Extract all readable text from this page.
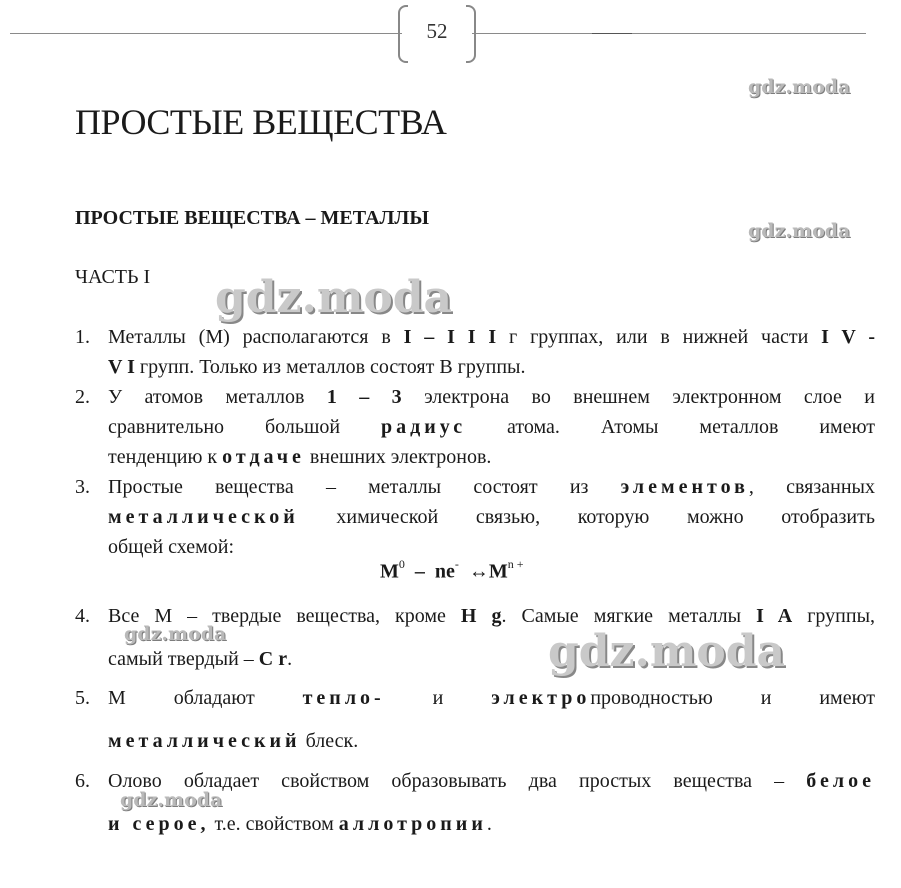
52
gdz.moda
gdz.moda
gdz.moda
gdz.moda	gdz.moda
gdz.moda
ПРОСТЫЕ ВЕЩЕСТВА
ПРОСТЫЕ ВЕЩЕСТВА – МЕТАЛЛЫ
ЧАСТЬ I
1. Металлы (М) располагаются в I – I I I г группах, или в нижней части I V -
V I групп. Только из металлов состоят В группы.
2. У атомов металлов 1 – 3 электрона во внешнем электронном слое и
сравнительно большой радиус атома. Атомы металлов имеют
тенденцию к отдаче внешних электронов.
3. Простые вещества – металлы состоят из элементов, связанных
металлической химической связью, которую можно отобразить
общей схемой:
$M^0 - ne^-$ $\leftrightarrow M^{n +}$
4. Все М – твердые вещества, кроме H g. Самые мягкие металлы I A группы,
самый твердый – C r.
5. М обладают тепло- и электропроводностью и имеют
металлический блеск.
6. Олово обладает свойством образовывать два простых вещества – белое
и серое, т.е. свойством аллотропии.
